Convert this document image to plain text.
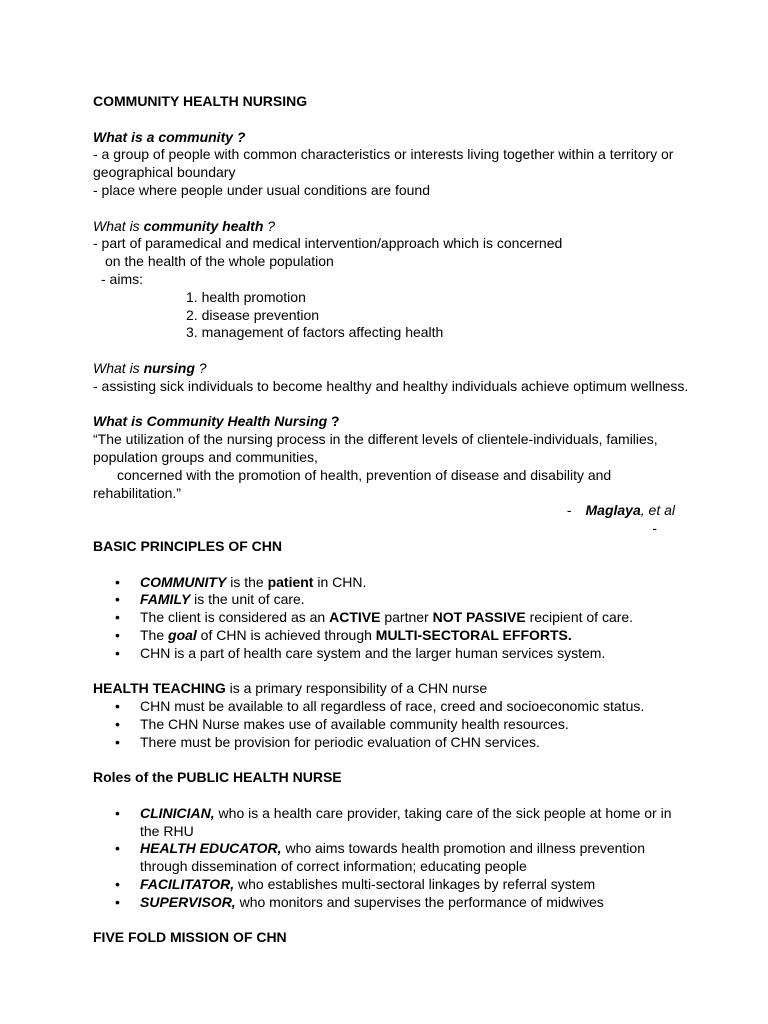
COMMUNITY HEALTH NURSING

What is a community ?

- a group of people with common characteristics or interests living together within a territory or geographical boundary

- place where people under usual conditions are found

What is community health ?

- part of paramedical and medical intervention/approach which is concerned

on the health of the whole population

- aims:

1. health promotion

2. disease prevention

3. management of factors affecting health

What is nursing ?

- assisting sick individuals to become healthy and healthy individuals achieve optimum wellness.

What is Community Health Nursing ?

“The utilization of the nursing process in the different levels of clientele-individuals, families, population groups and communities,

concerned with the promotion of health, prevention of disease and disability and rehabilitation.”

- Maglaya, et al

-

BASIC PRINCIPLES OF CHN

• COMMUNITY is the patient in CHN.
• FAMILY is the unit of care.
• The client is considered as an ACTIVE partner NOT PASSIVE recipient of care.
• The goal of CHN is achieved through MULTI-SECTORAL EFFORTS.
• CHN is a part of health care system and the larger human services system.

HEALTH TEACHING is a primary responsibility of a CHN nurse

• CHN must be available to all regardless of race, creed and socioeconomic status.
• The CHN Nurse makes use of available community health resources.
• There must be provision for periodic evaluation of CHN services.

Roles of the PUBLIC HEALTH NURSE

• CLINICIAN, who is a health care provider, taking care of the sick people at home or in the RHU
• HEALTH EDUCATOR, who aims towards health promotion and illness prevention through dissemination of correct information; educating people
• FACILITATOR, who establishes multi-sectoral linkages by referral system
• SUPERVISOR, who monitors and supervises the performance of midwives

FIVE FOLD MISSION OF CHN
